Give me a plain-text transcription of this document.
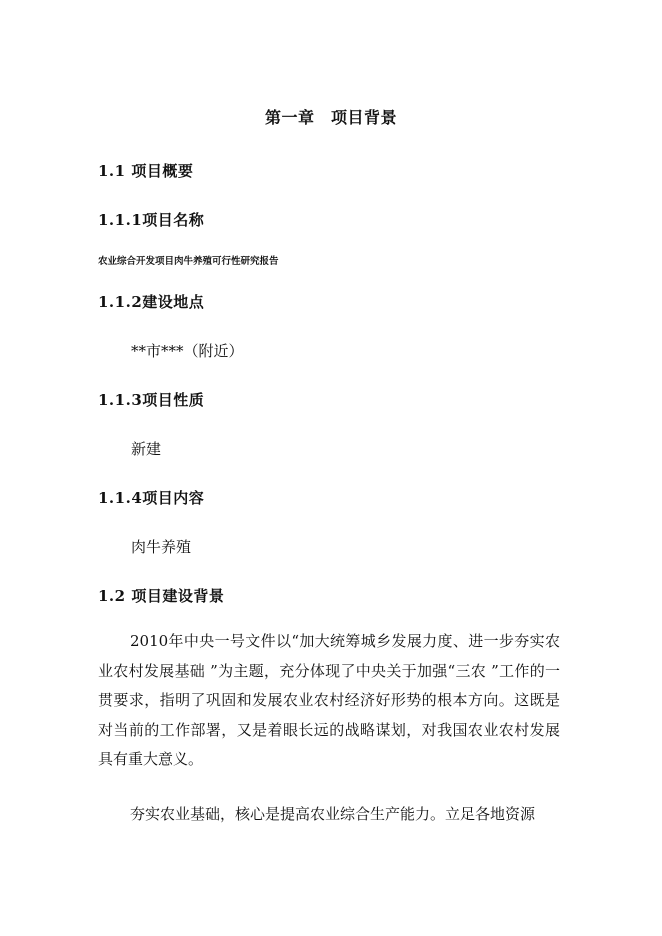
第一章　项目背景
1.1 项目概要
1.1.1项目名称
农业综合开发项目肉牛养殖可行性研究报告
1.1.2建设地点
**市***（附近）
1.1.3项目性质
新建
1.1.4项目内容
肉牛养殖
1.2 项目建设背景

2010年中央一号文件以“加大统筹城乡发展力度、进一步夯实农业农村发展基础 ”为主题，充分体现了中央关于加强“三农 ”工作的一贯要求，指明了巩固和发展农业农村经济好形势的根本方向。这既是对当前的工作部署，又是着眼长远的战略谋划，对我国农业农村发展具有重大意义。

夯实农业基础，核心是提高农业综合生产能力。立足各地资源
